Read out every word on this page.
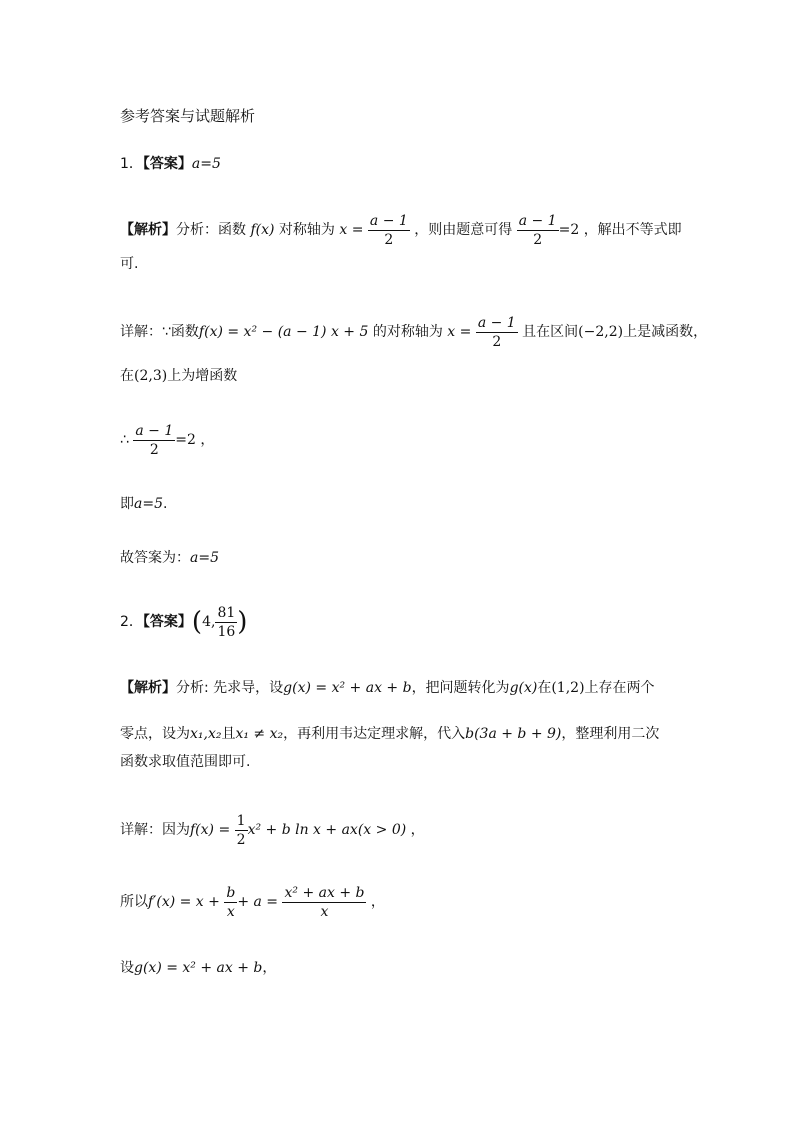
参考答案与试题解析
1．【答案】a=5
【解析】分析：函数 f(x) 对称轴为 $x = \frac{a - 1}{2}$ ，则由题意可得 $\frac{a - 1}{2} =2$ ，解出不等式即
可.
详解：∵函数f(x) = x² − (a − 1) x + 5 的对称轴为 $x = \frac{a - 1}{2}$ 且在区间(−2,2)上是减函数，
在(2,3)上为增函数
∴ $\frac{a - 1}{2} =2$ ，
即a=5.
故答案为：a=5
2．【答案】(4, $\frac{81}{16}$ )
【解析】分析: 先求导，设g(x) = x² + ax + b，把问题转化为g(x)在(1,2)上存在两个
零点，设为x₁,x₂且x₁ ≠ x₂，再利用韦达定理求解，代入b(3a + b + 9)，整理利用二次
函数求取值范围即可.
详解：因为$f(x) = \frac{1}{2} x^2 + b$ ln x + ax(x > 0) ，
所以$f'(x) = x + \frac{b}{x} + a = \frac{\text{x² + ax + b}}{x}$ ，
设g(x) = x² + ax + b，
